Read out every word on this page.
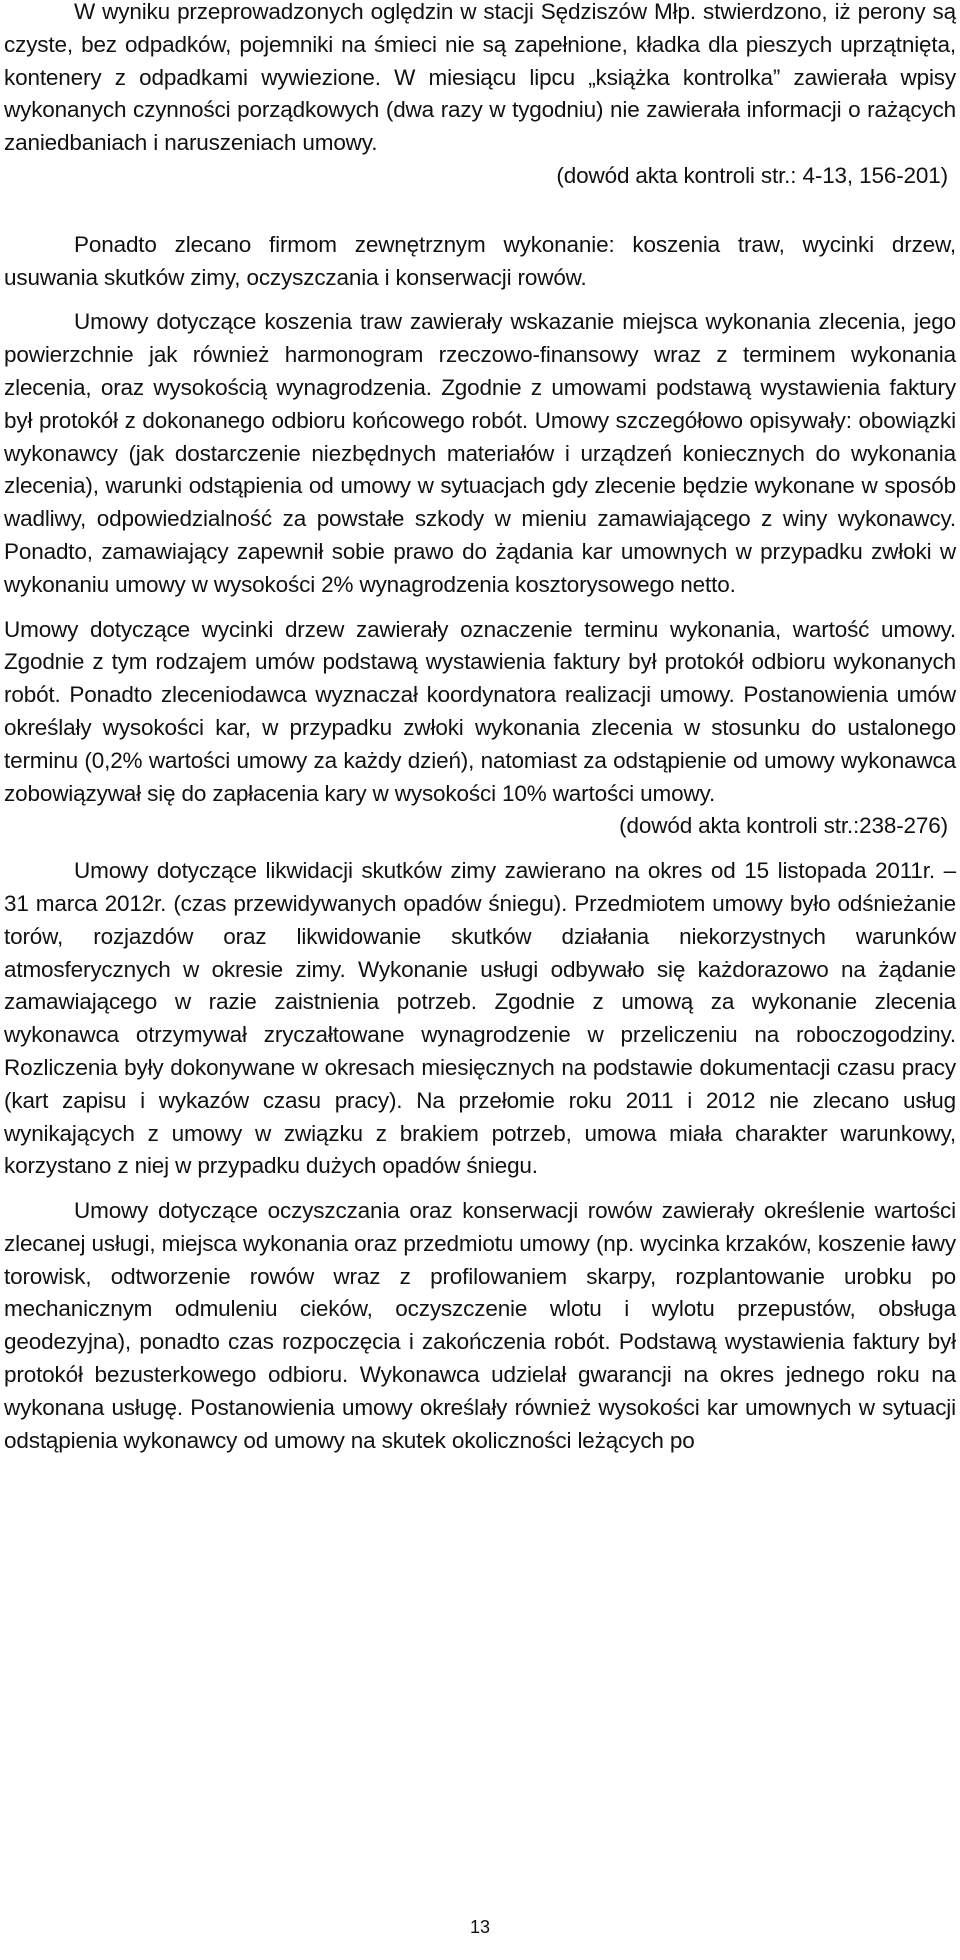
W wyniku przeprowadzonych oględzin w stacji Sędziszów Młp. stwierdzono, iż perony są czyste, bez odpadków, pojemniki na śmieci nie są zapełnione, kładka dla pieszych uprzątnięta, kontenery z odpadkami wywiezione. W miesiącu lipcu „książka kontrolka” zawierała wpisy wykonanych czynności porządkowych (dwa razy w tygodniu) nie zawierała informacji o rażących zaniedbaniach i naruszeniach umowy.

(dowód akta kontroli str.: 4-13, 156-201)

Ponadto zlecano firmom zewnętrznym wykonanie: koszenia traw, wycinki drzew, usuwania skutków zimy, oczyszczania i konserwacji rowów.

Umowy dotyczące koszenia traw zawierały wskazanie miejsca wykonania zlecenia, jego powierzchnie jak również harmonogram rzeczowo-finansowy wraz z terminem wykonania zlecenia, oraz wysokością wynagrodzenia. Zgodnie z umowami podstawą wystawienia faktury był protokół z dokonanego odbioru końcowego robót. Umowy szczegółowo opisywały: obowiązki wykonawcy (jak dostarczenie niezbędnych materiałów i urządzeń koniecznych do wykonania zlecenia), warunki odstąpienia od umowy w sytuacjach gdy zlecenie będzie wykonane w sposób wadliwy, odpowiedzialność za powstałe szkody w mieniu zamawiającego z winy wykonawcy. Ponadto, zamawiający zapewnił sobie prawo do żądania kar umownych w przypadku zwłoki w wykonaniu umowy w wysokości 2% wynagrodzenia kosztorysowego netto.

Umowy dotyczące wycinki drzew zawierały oznaczenie terminu wykonania, wartość umowy. Zgodnie z tym rodzajem umów podstawą wystawienia faktury był protokół odbioru wykonanych robót. Ponadto zleceniodawca wyznaczał koordynatora realizacji umowy. Postanowienia umów określały wysokości kar, w przypadku zwłoki wykonania zlecenia w stosunku do ustalonego terminu (0,2% wartości umowy za każdy dzień), natomiast za odstąpienie od umowy wykonawca zobowiązywał się do zapłacenia kary w wysokości 10% wartości umowy.

(dowód akta kontroli str.:238-276)

Umowy dotyczące likwidacji skutków zimy zawierano na okres od 15 listopada 2011r. – 31 marca 2012r. (czas przewidywanych opadów śniegu). Przedmiotem umowy było odśnieżanie torów, rozjazdów oraz likwidowanie skutków działania niekorzystnych warunków atmosferycznych w okresie zimy. Wykonanie usługi odbywało się każdorazowo na żądanie zamawiającego w razie zaistnienia potrzeb. Zgodnie z umową za wykonanie zlecenia wykonawca otrzymywał zryczałtowane wynagrodzenie w przeliczeniu na roboczogodziny. Rozliczenia były dokonywane w okresach miesięcznych na podstawie dokumentacji czasu pracy (kart zapisu i wykazów czasu pracy). Na przełomie roku 2011 i 2012 nie zlecano usług wynikających z umowy w związku z brakiem potrzeb, umowa miała charakter warunkowy, korzystano z niej w przypadku dużych opadów śniegu.

Umowy dotyczące oczyszczania oraz konserwacji rowów zawierały określenie wartości zlecanej usługi, miejsca wykonania oraz przedmiotu umowy (np. wycinka krzaków, koszenie ławy torowisk, odtworzenie rowów wraz z profilowaniem skarpy, rozplantowanie urobku po mechanicznym odmuleniu cieków, oczyszczenie wlotu i wylotu przepustów, obsługa geodezyjna), ponadto czas rozpoczęcia i zakończenia robót. Podstawą wystawienia faktury był protokół bezusterkowego odbioru. Wykonawca udzielał gwarancji na okres jednego roku na wykonana usługę. Postanowienia umowy określały również wysokości kar umownych w sytuacji odstąpienia wykonawcy od umowy na skutek okoliczności leżących po

13
